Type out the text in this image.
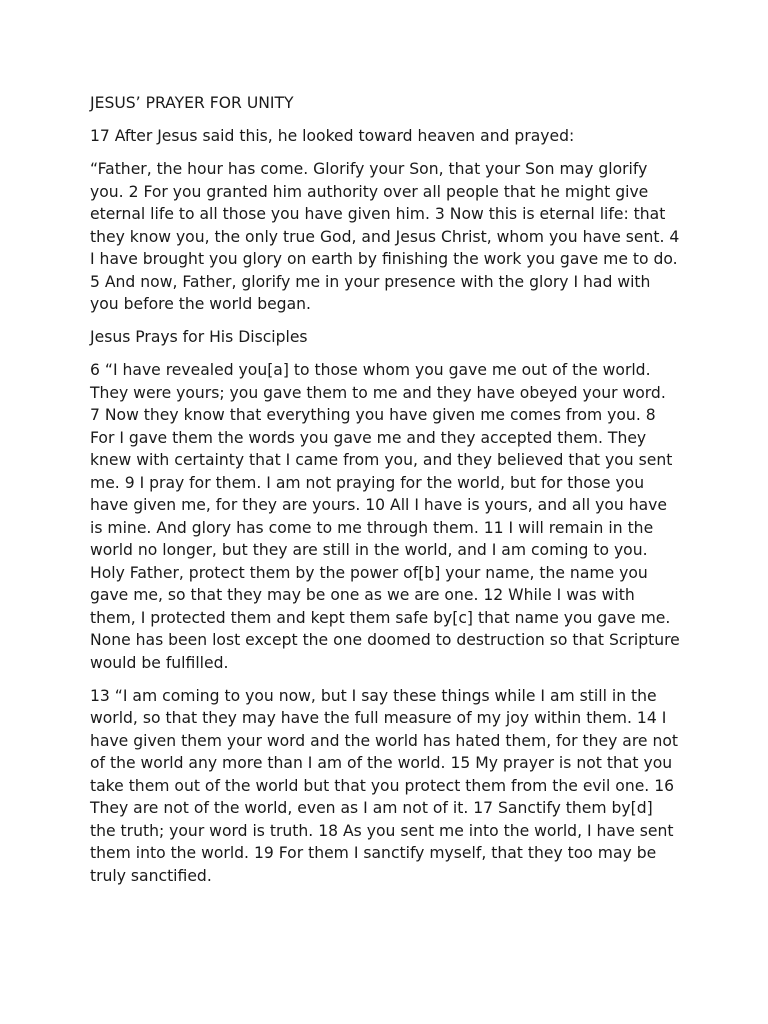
JESUS’ PRAYER FOR UNITY

17 After Jesus said this, he looked toward heaven and prayed:

“Father, the hour has come. Glorify your Son, that your Son may glorify you. 2 For you granted him authority over all people that he might give eternal life to all those you have given him. 3 Now this is eternal life: that they know you, the only true God, and Jesus Christ, whom you have sent. 4 I have brought you glory on earth by finishing the work you gave me to do. 5 And now, Father, glorify me in your presence with the glory I had with you before the world began.

Jesus Prays for His Disciples

6 “I have revealed you[a] to those whom you gave me out of the world. They were yours; you gave them to me and they have obeyed your word. 7 Now they know that everything you have given me comes from you. 8 For I gave them the words you gave me and they accepted them. They knew with certainty that I came from you, and they believed that you sent me. 9 I pray for them. I am not praying for the world, but for those you have given me, for they are yours. 10 All I have is yours, and all you have is mine. And glory has come to me through them. 11 I will remain in the world no longer, but they are still in the world, and I am coming to you. Holy Father, protect them by the power of[b] your name, the name you gave me, so that they may be one as we are one. 12 While I was with them, I protected them and kept them safe by[c] that name you gave me. None has been lost except the one doomed to destruction so that Scripture would be fulfilled.

13 “I am coming to you now, but I say these things while I am still in the world, so that they may have the full measure of my joy within them. 14 I have given them your word and the world has hated them, for they are not of the world any more than I am of the world. 15 My prayer is not that you take them out of the world but that you protect them from the evil one. 16 They are not of the world, even as I am not of it. 17 Sanctify them by[d] the truth; your word is truth. 18 As you sent me into the world, I have sent them into the world. 19 For them I sanctify myself, that they too may be truly sanctified.
